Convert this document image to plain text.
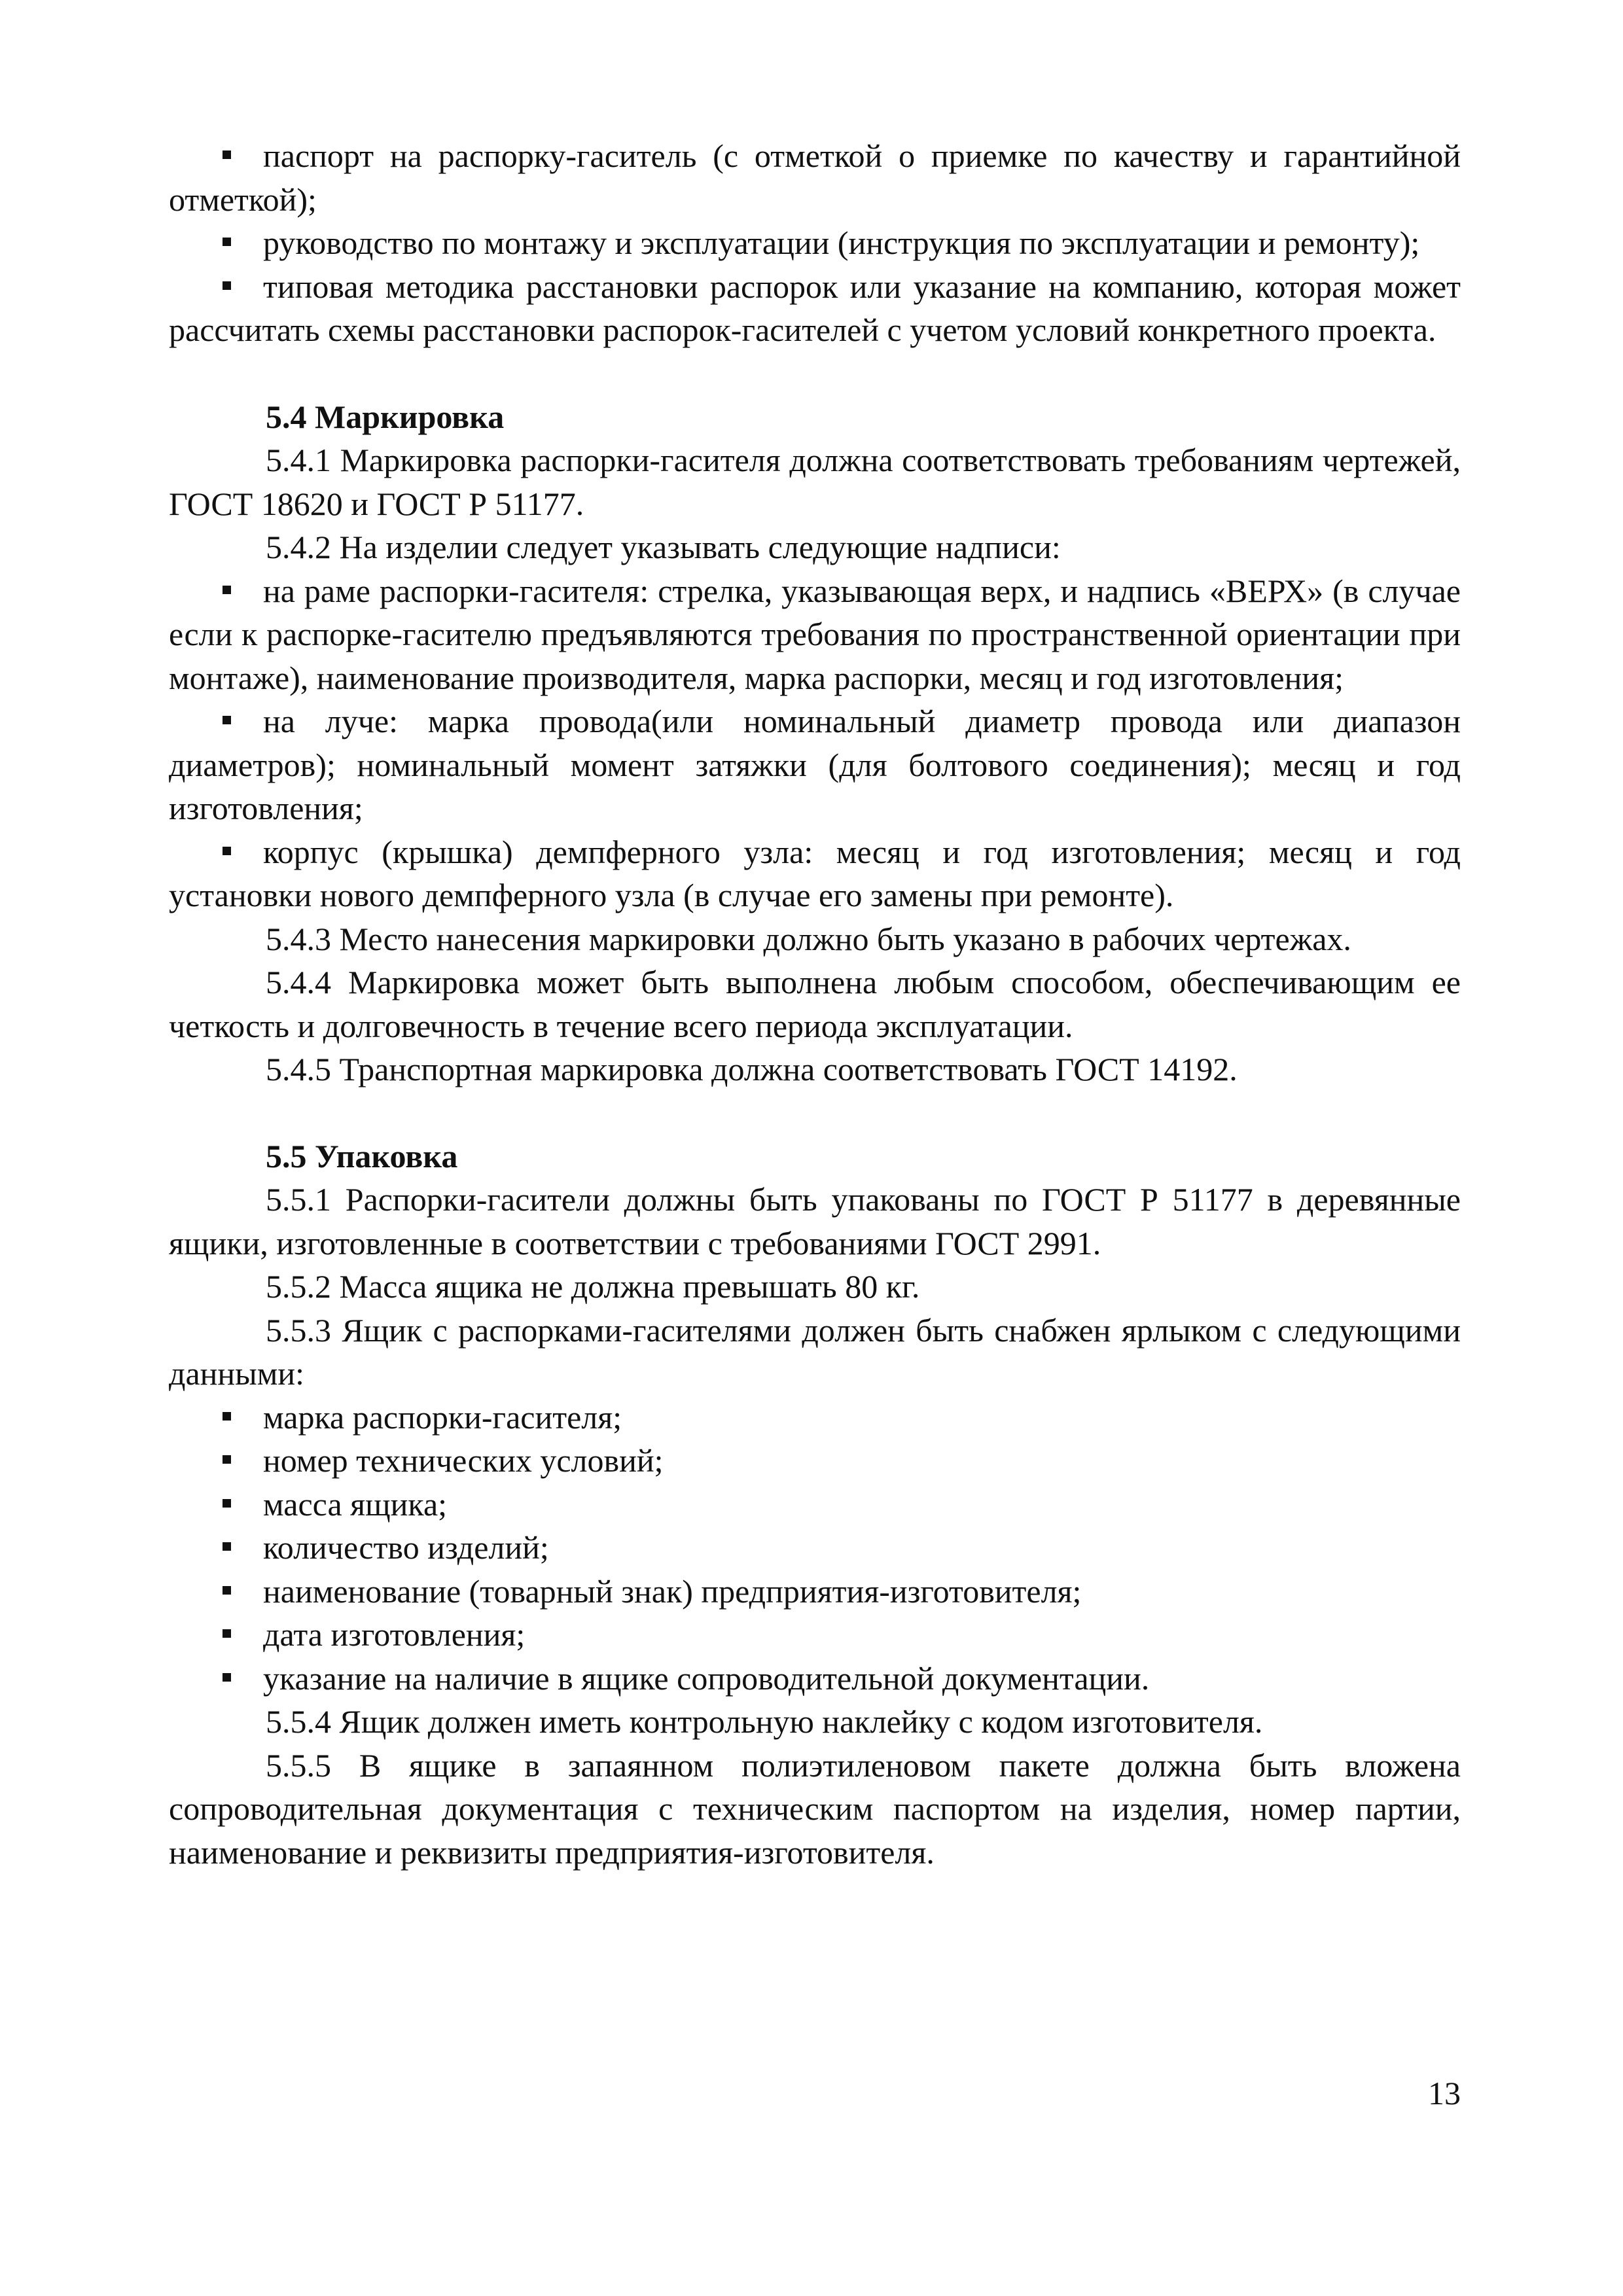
паспорт на распорку-гаситель (с отметкой о приемке по качеству и гарантийной отметкой);

руководство по монтажу и эксплуатации (инструкция по эксплуатации и ремонту);

типовая методика расстановки распорок или указание на компанию, которая может рассчитать схемы расстановки распорок-гасителей с учетом условий конкретного проекта.

5.4 Маркировка

5.4.1 Маркировка распорки-гасителя должна соответствовать требованиям чертежей, ГОСТ 18620 и ГОСТ Р 51177.

5.4.2 На изделии следует указывать следующие надписи:

на раме распорки-гасителя: стрелка, указывающая верх, и надпись «ВЕРХ» (в случае если к распорке-гасителю предъявляются требования по пространственной ориентации при монтаже), наименование производителя, марка распорки, месяц и год изготовления;

на луче: марка провода(или номинальный диаметр провода или диапазон диаметров); номинальный момент затяжки (для болтового соединения); месяц и год изготовления;

корпус (крышка) демпферного узла: месяц и год изготовления; месяц и год установки нового демпферного узла (в случае его замены при ремонте).

5.4.3 Место нанесения маркировки должно быть указано в рабочих чертежах.

5.4.4 Маркировка может быть выполнена любым способом, обеспечивающим ее четкость и долговечность в течение всего периода эксплуатации.

5.4.5 Транспортная маркировка должна соответствовать ГОСТ 14192.

5.5 Упаковка

5.5.1 Распорки-гасители должны быть упакованы по ГОСТ Р 51177 в деревянные ящики, изготовленные в соответствии с требованиями ГОСТ 2991.

5.5.2 Масса ящика не должна превышать 80 кг.

5.5.3 Ящик с распорками-гасителями должен быть снабжен ярлыком с следующими данными:

марка распорки-гасителя;

номер технических условий;

масса ящика;

количество изделий;

наименование (товарный знак) предприятия-изготовителя;

дата изготовления;

указание на наличие в ящике сопроводительной документации.

5.5.4 Ящик должен иметь контрольную наклейку с кодом изготовителя.

5.5.5 В ящике в запаянном полиэтиленовом пакете должна быть вложена сопроводительная документация с техническим паспортом на изделия, номер партии, наименование и реквизиты предприятия-изготовителя.

13
